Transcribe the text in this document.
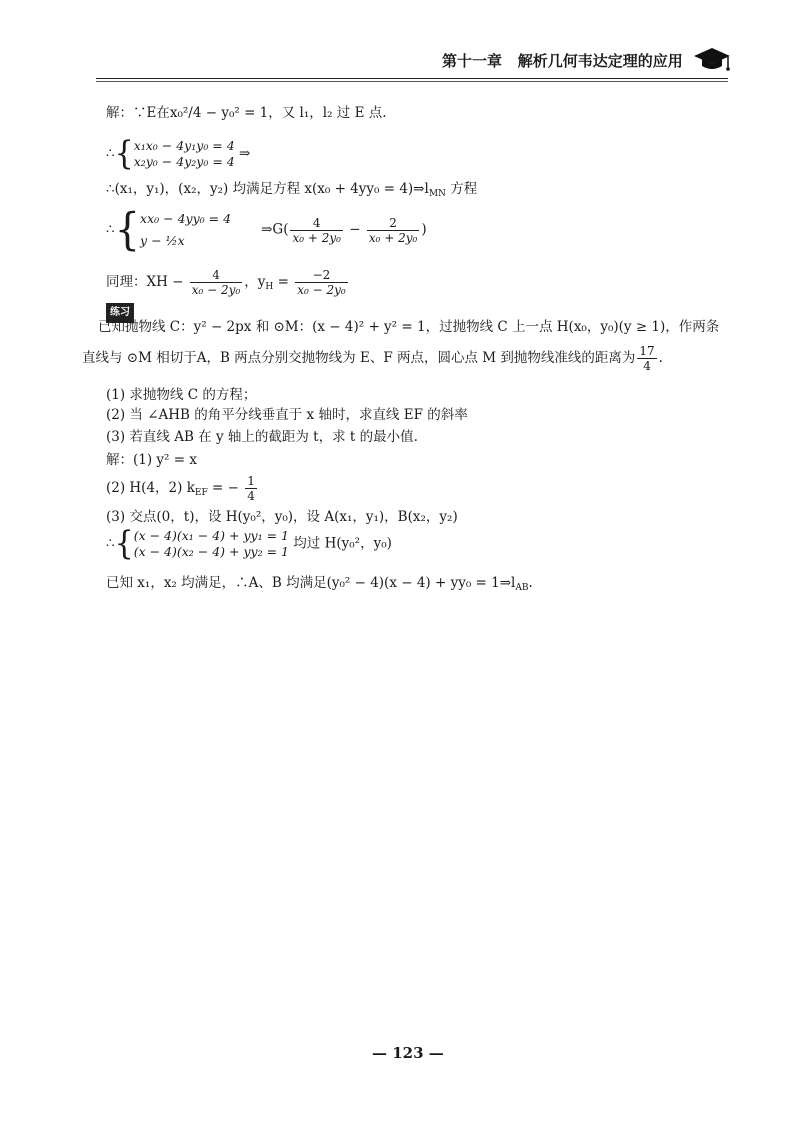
第十一章 解析几何韦达定理的应用
解：∵E在x₀²/4 − y₀² = 1，又 l₁，l₂ 过 E 点.
∴{x₁x₀ − 4y₁y₀ = 4
x₂y₀ − 4y₂y₀ = 4 ⇒
∴(x₁，y₁)，(x₂，y₂) 均满足方程 $x(x_0 + 4yy_0 = 4)\Rightarrow l_{MN}$ 方程
∴{xx₀ − 4yy₀ = 4
y − ½x       ⇒G( $\frac{4}{\text{x₀ + 2y₀}} - \frac{2}{\text{x₀ + 2y₀}}$ )
同理：XH − $\frac{4}{\text{x₀ − 2y₀}}$ ，$y_H = \frac{-2}{\text{x₀ − 2y₀}}$
练习
已知抛物线 C：y² − 2px 和 ⊙M：(x − 4)² + y² = 1，过抛物线 C 上一点 H(x₀，y₀)(y ≥ 1)，作两条
直线与 ⊙M 相切于A，B 两点分别交抛物线为 E、F 两点，圆心点 M 到抛物线准线的距离为 $\frac{17}{4}$ .
(1) 求抛物线 C 的方程；
(2) 当 ∠AHB 的角平分线垂直于 x 轴时，求直线 EF 的斜率
(3) 若直线 AB 在 y 轴上的截距为 t，求 t 的最小值.
解：(1) y² = x
(2) H(4，2) $k_{EF}$ = − $\frac{1}{4}$
(3) 交点(0，t)，设 H(y₀²，y₀)，设 A(x₁，y₁)，B(x₂，y₂)
∴{(x − 4)(x₁ − 4) + yy₁ = 1
(x − 4)(x₂ − 4) + yy₂ = 1 均过 H(y₀²，y₀)
已知 x₁，x₂ 均满足，∴A、B 均满足$(y_0^2 - 4)(x - 4) + yy_0 = 1\Rightarrow l_{AB}$.
— 123 —
